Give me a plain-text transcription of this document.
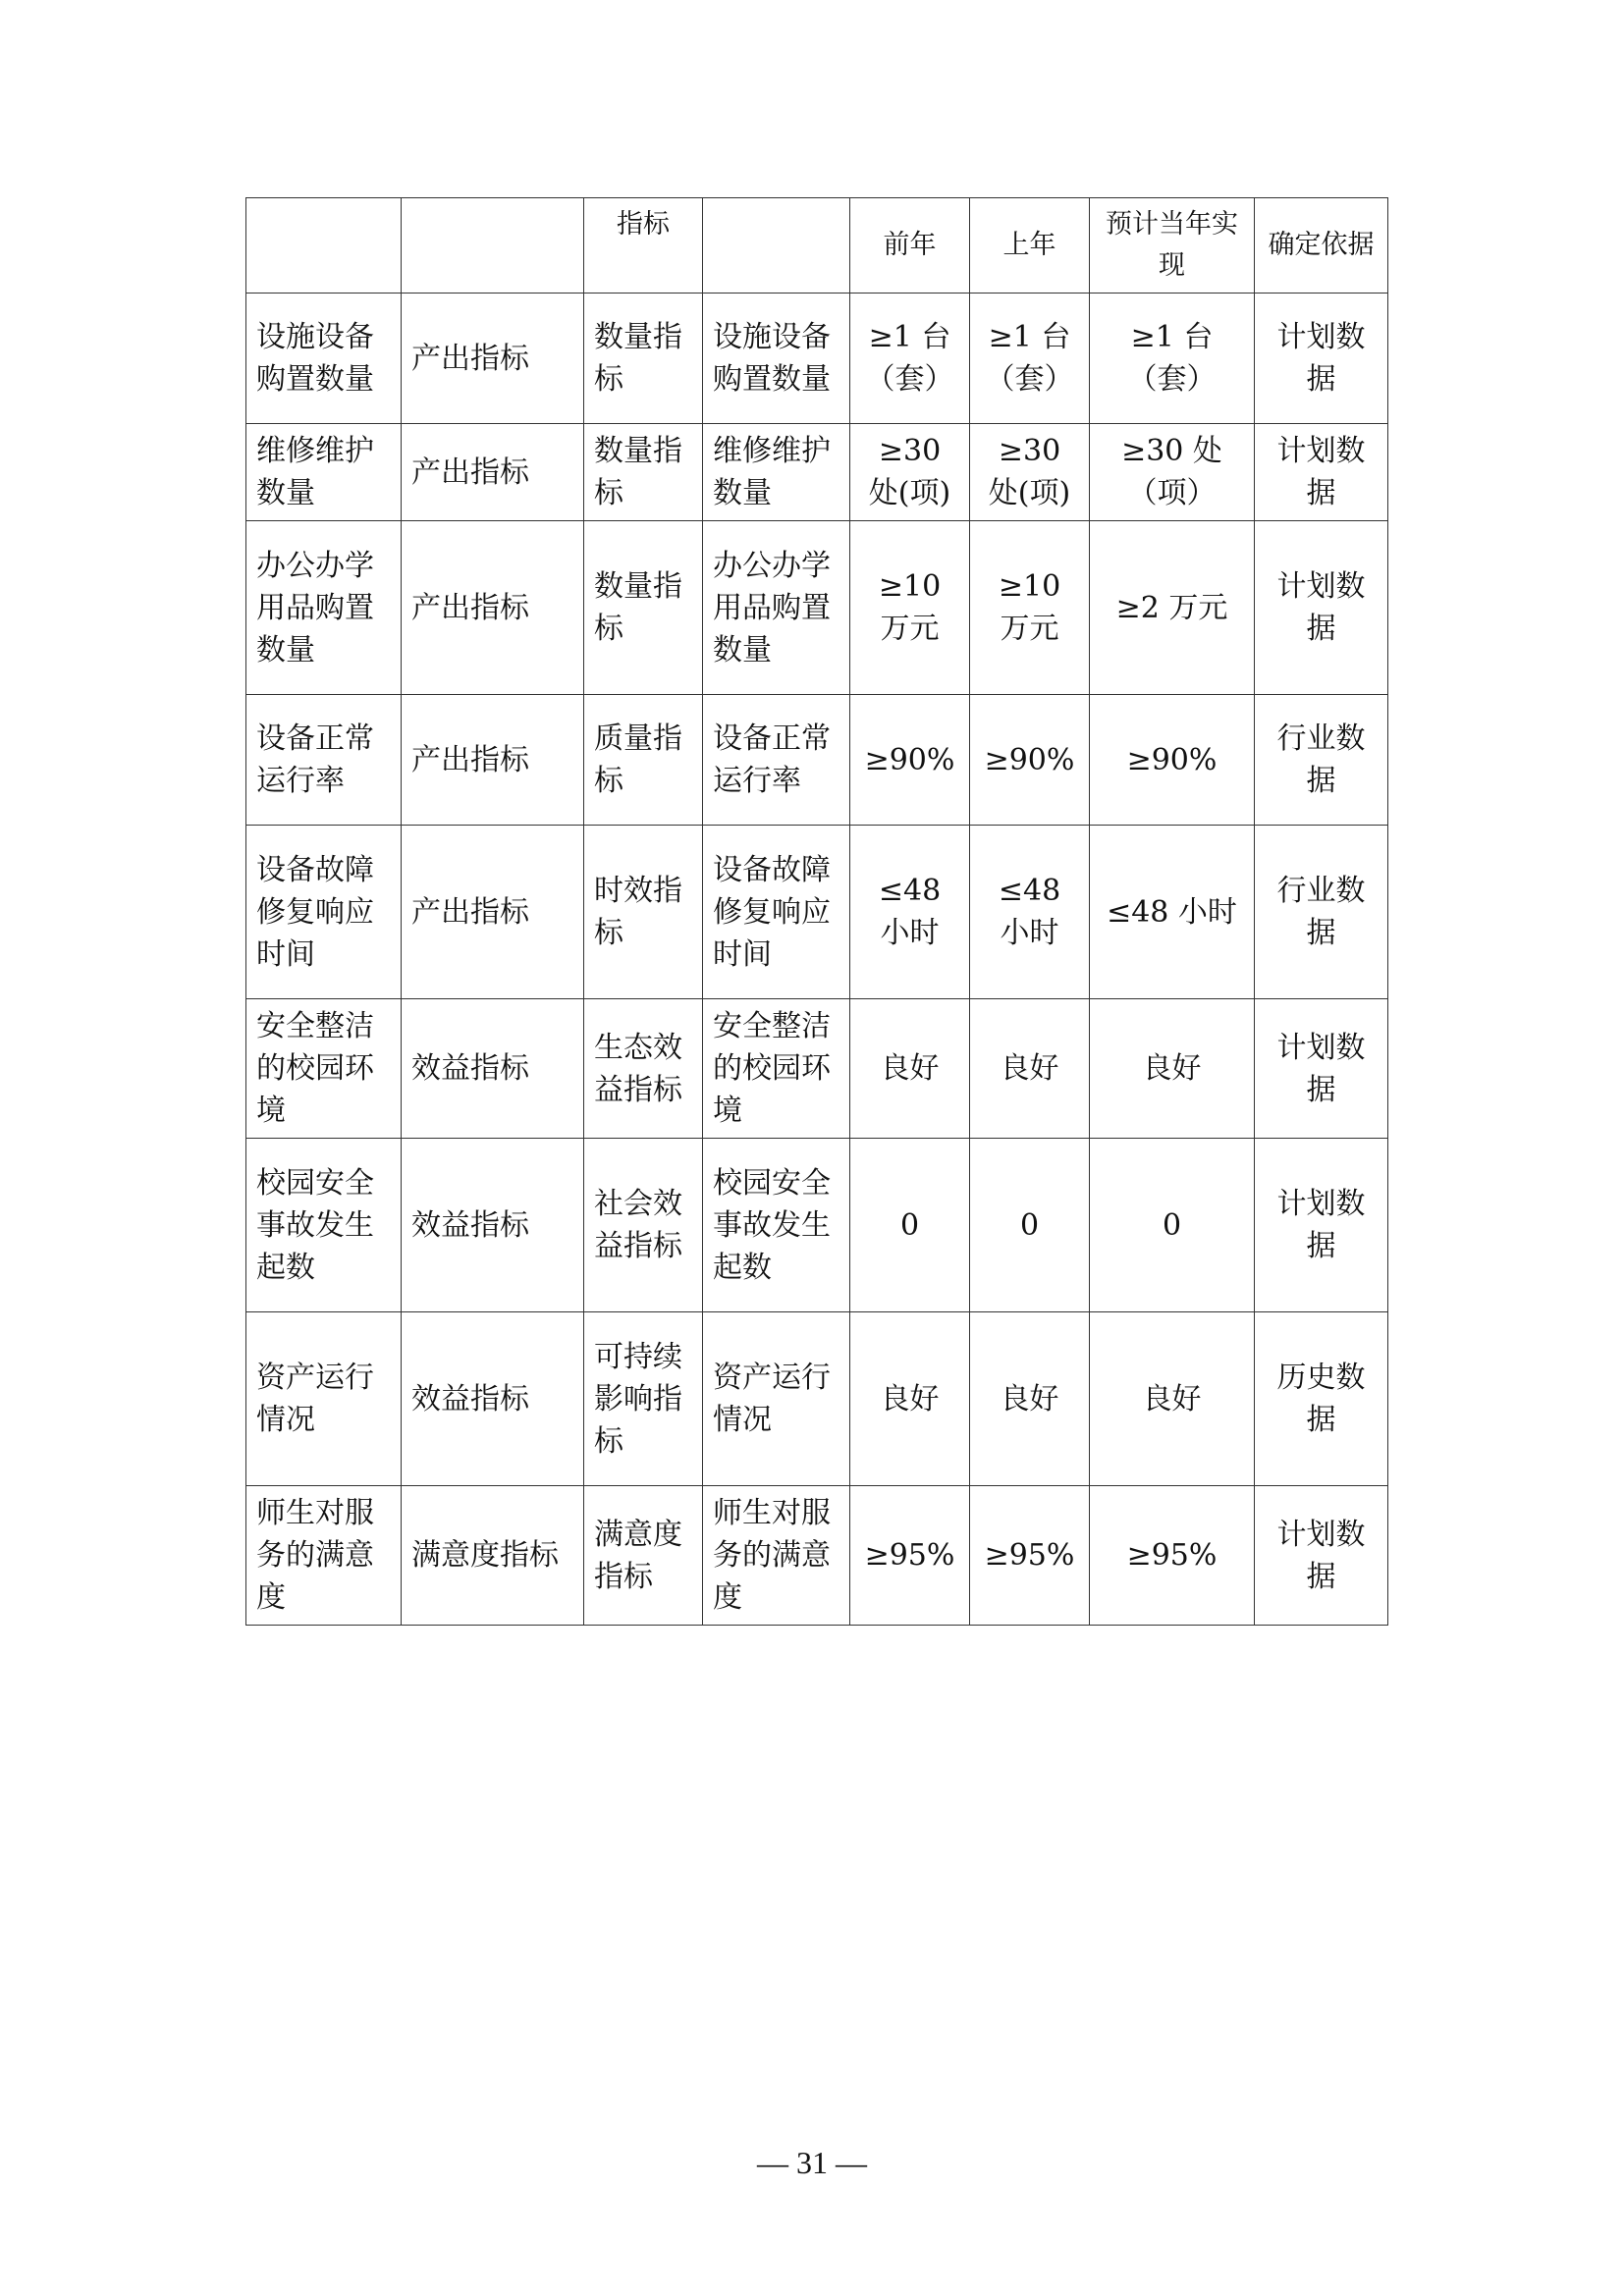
		指标		前年	上年	预计当年实现	确定依据
设施设备购置数量	产出指标	数量指标	设施设备购置数量	≥1 台（套）	≥1 台（套）	≥1 台（套）	计划数据
维修维护数量	产出指标	数量指标	维修维护数量	≥30 处(项)	≥30 处(项)	≥30 处（项）	计划数据
办公办学用品购置数量	产出指标	数量指标	办公办学用品购置数量	≥10 万元	≥10 万元	≥2 万元	计划数据
设备正常运行率	产出指标	质量指标	设备正常运行率	≥90%	≥90%	≥90%	行业数据
设备故障修复响应时间	产出指标	时效指标	设备故障修复响应时间	≤48 小时	≤48 小时	≤48 小时	行业数据
安全整洁的校园环境	效益指标	生态效益指标	安全整洁的校园环境	良好	良好	良好	计划数据
校园安全事故发生起数	效益指标	社会效益指标	校园安全事故发生起数	0	0	0	计划数据
资产运行情况	效益指标	可持续影响指标	资产运行情况	良好	良好	良好	历史数据
师生对服务的满意度	满意度指标	满意度指标	师生对服务的满意度	≥95%	≥95%	≥95%	计划数据
— 31 —
